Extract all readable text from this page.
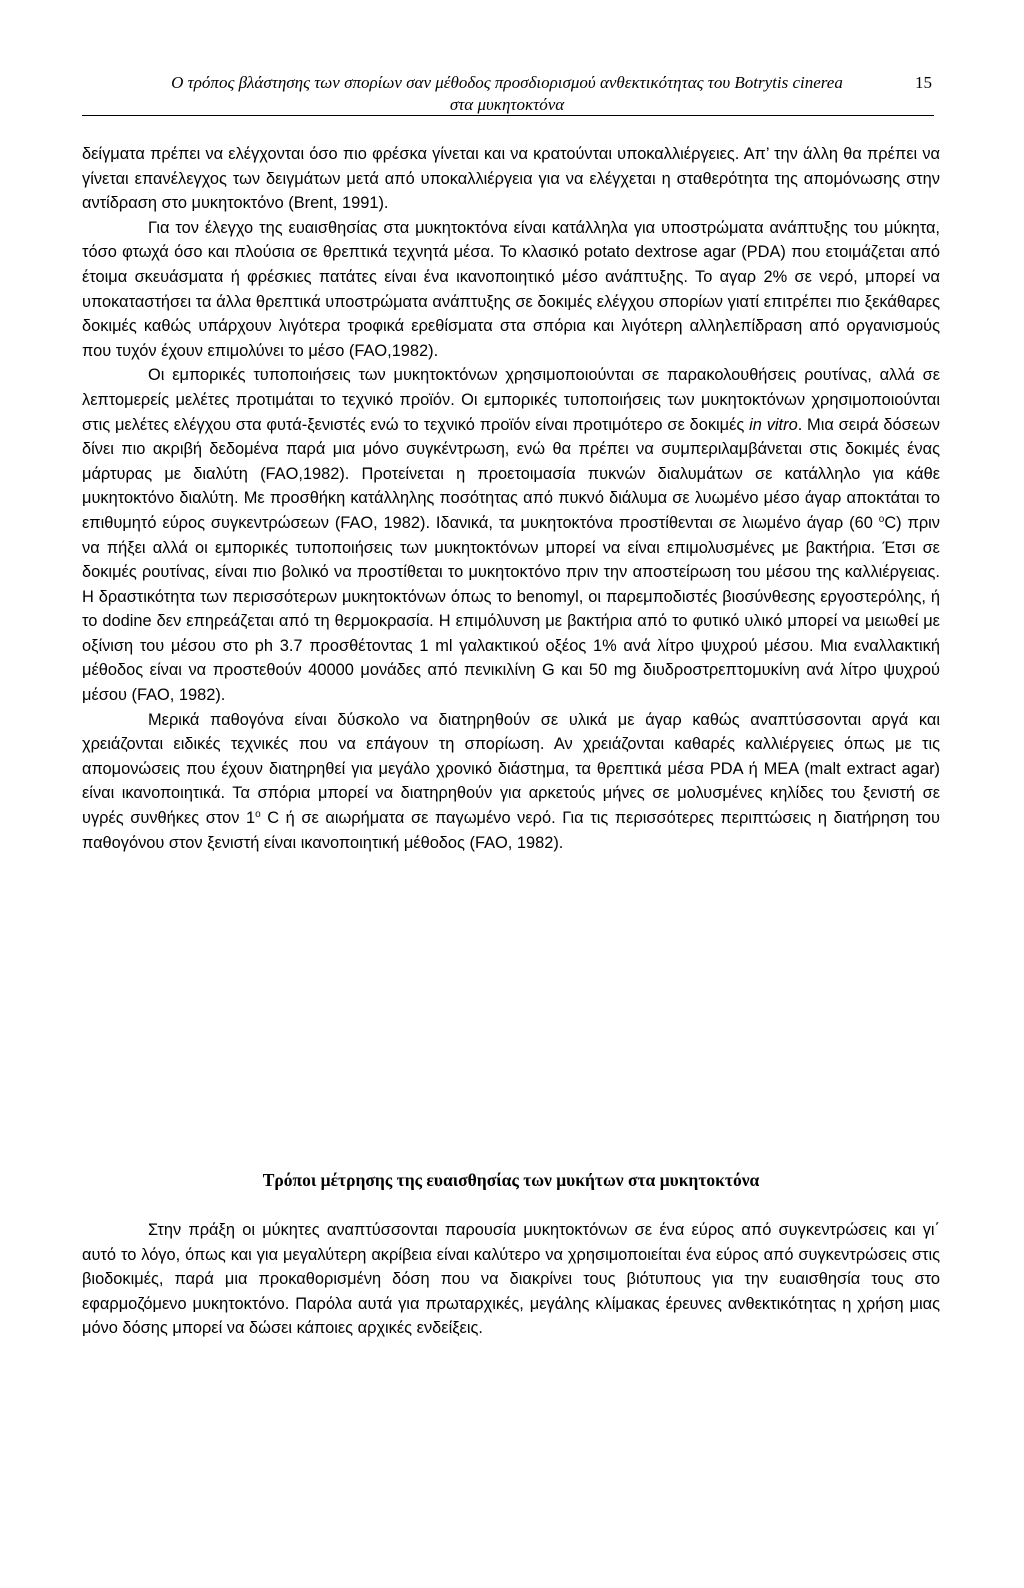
Ο τρόπος βλάστησης των σπορίων σαν μέθοδος προσδιορισμού ανθεκτικότητας του Botrytis cinerea	15

στα μυκητοκτόνα

δείγματα πρέπει να ελέγχονται όσο πιο φρέσκα γίνεται και να κρατούνται υποκαλλιέργειες. Απ’ την άλλη θα πρέπει να γίνεται επανέλεγχος των δειγμάτων μετά από υποκαλλιέργεια για να ελέγχεται η σταθερότητα της απομόνωσης στην αντίδραση στο μυκητοκτόνο (Brent, 1991).

Για τον έλεγχο της ευαισθησίας στα μυκητοκτόνα είναι κατάλληλα για υποστρώματα ανάπτυξης του μύκητα, τόσο φτωχά όσο και πλούσια σε θρεπτικά τεχνητά μέσα. Το κλασικό potato dextrose agar (PDA) που ετοιμάζεται από έτοιμα σκευάσματα ή φρέσκιες πατάτες είναι ένα ικανοποιητικό μέσο ανάπτυξης. Το αγαρ 2% σε νερό, μπορεί να υποκαταστήσει τα άλλα θρεπτικά υποστρώματα ανάπτυξης σε δοκιμές ελέγχου σπορίων γιατί επιτρέπει πιο ξεκάθαρες δοκιμές καθώς υπάρχουν λιγότερα τροφικά ερεθίσματα στα σπόρια και λιγότερη αλληλεπίδραση από οργανισμούς που τυχόν έχουν επιμολύνει το μέσο (FAO,1982).

Οι εμπορικές τυποποιήσεις των μυκητοκτόνων χρησιμοποιούνται σε παρακολουθήσεις ρουτίνας, αλλά σε λεπτομερείς μελέτες προτιμάται το τεχνικό προϊόν. Οι εμπορικές τυποποιήσεις των μυκητοκτόνων χρησιμοποιούνται στις μελέτες ελέγχου στα φυτά-ξενιστές ενώ το τεχνικό προϊόν είναι προτιμότερο σε δοκιμές in vitro. Μια σειρά δόσεων δίνει πιο ακριβή δεδομένα παρά μια μόνο συγκέντρωση, ενώ θα πρέπει να συμπεριλαμβάνεται στις δοκιμές ένας μάρτυρας με διαλύτη (FAO,1982). Προτείνεται η προετοιμασία πυκνών διαλυμάτων σε κατάλληλο για κάθε μυκητοκτόνο διαλύτη. Με προσθήκη κατάλληλης ποσότητας από πυκνό διάλυμα σε λυωμένο μέσο άγαρ αποκτάται το επιθυμητό εύρος συγκεντρώσεων (FAO, 1982). Ιδανικά, τα μυκητοκτόνα προστίθενται σε λιωμένο άγαρ (60 $^o$C) πριν να πήξει αλλά οι εμπορικές τυποποιήσεις των μυκητοκτόνων μπορεί να είναι επιμολυσμένες με βακτήρια. Έτσι σε δοκιμές ρουτίνας, είναι πιο βολικό να προστίθεται το μυκητοκτόνο πριν την αποστείρωση του μέσου της καλλιέργειας. Η δραστικότητα των περισσότερων μυκητοκτόνων όπως το benomyl, οι παρεμποδιστές βιοσύνθεσης εργοστερόλης, ή το dodine δεν επηρεάζεται από τη θερμοκρασία. Η επιμόλυνση με βακτήρια από το φυτικό υλικό μπορεί να μειωθεί με οξίνιση του μέσου στο ph 3.7 προσθέτοντας 1 ml γαλακτικού οξέος 1% ανά λίτρο ψυχρού μέσου. Μια εναλλακτική μέθοδος είναι να προστεθούν 40000 μονάδες από πενικιλίνη G και 50 mg διυδροστρεπτομυκίνη ανά λίτρο ψυχρού μέσου (FAO, 1982).

Μερικά παθογόνα είναι δύσκολο να διατηρηθούν σε υλικά με άγαρ καθώς αναπτύσσονται αργά και χρειάζονται ειδικές τεχνικές που να επάγουν τη σπορίωση. Αν χρειάζονται καθαρές καλλιέργειες όπως με τις απομονώσεις που έχουν διατηρηθεί για μεγάλο χρονικό διάστημα, τα θρεπτικά μέσα PDA ή MEA (malt extract agar) είναι ικανοποιητικά. Τα σπόρια μπορεί να διατηρηθούν για αρκετούς μήνες σε μολυσμένες κηλίδες του ξενιστή σε υγρές συνθήκες στον 1$^o$ C ή σε αιωρήματα σε παγωμένο νερό. Για τις περισσότερες περιπτώσεις η διατήρηση του παθογόνου στον ξενιστή είναι ικανοποιητική μέθοδος (FAO, 1982).

Τρόποι μέτρησης της ευαισθησίας των μυκήτων στα μυκητοκτόνα

Στην πράξη οι μύκητες αναπτύσσονται παρουσία μυκητοκτόνων σε ένα εύρος από συγκεντρώσεις και γι΄ αυτό το λόγο, όπως και για μεγαλύτερη ακρίβεια είναι καλύτερο να χρησιμοποιείται ένα εύρος από συγκεντρώσεις στις βιοδοκιμές, παρά μια προκαθορισμένη δόση που να διακρίνει τους βιότυπους για την ευαισθησία τους στο εφαρμοζόμενο μυκητοκτόνο. Παρόλα αυτά για πρωταρχικές, μεγάλης κλίμακας έρευνες ανθεκτικότητας η χρήση μιας μόνο δόσης μπορεί να δώσει κάποιες αρχικές ενδείξεις.
